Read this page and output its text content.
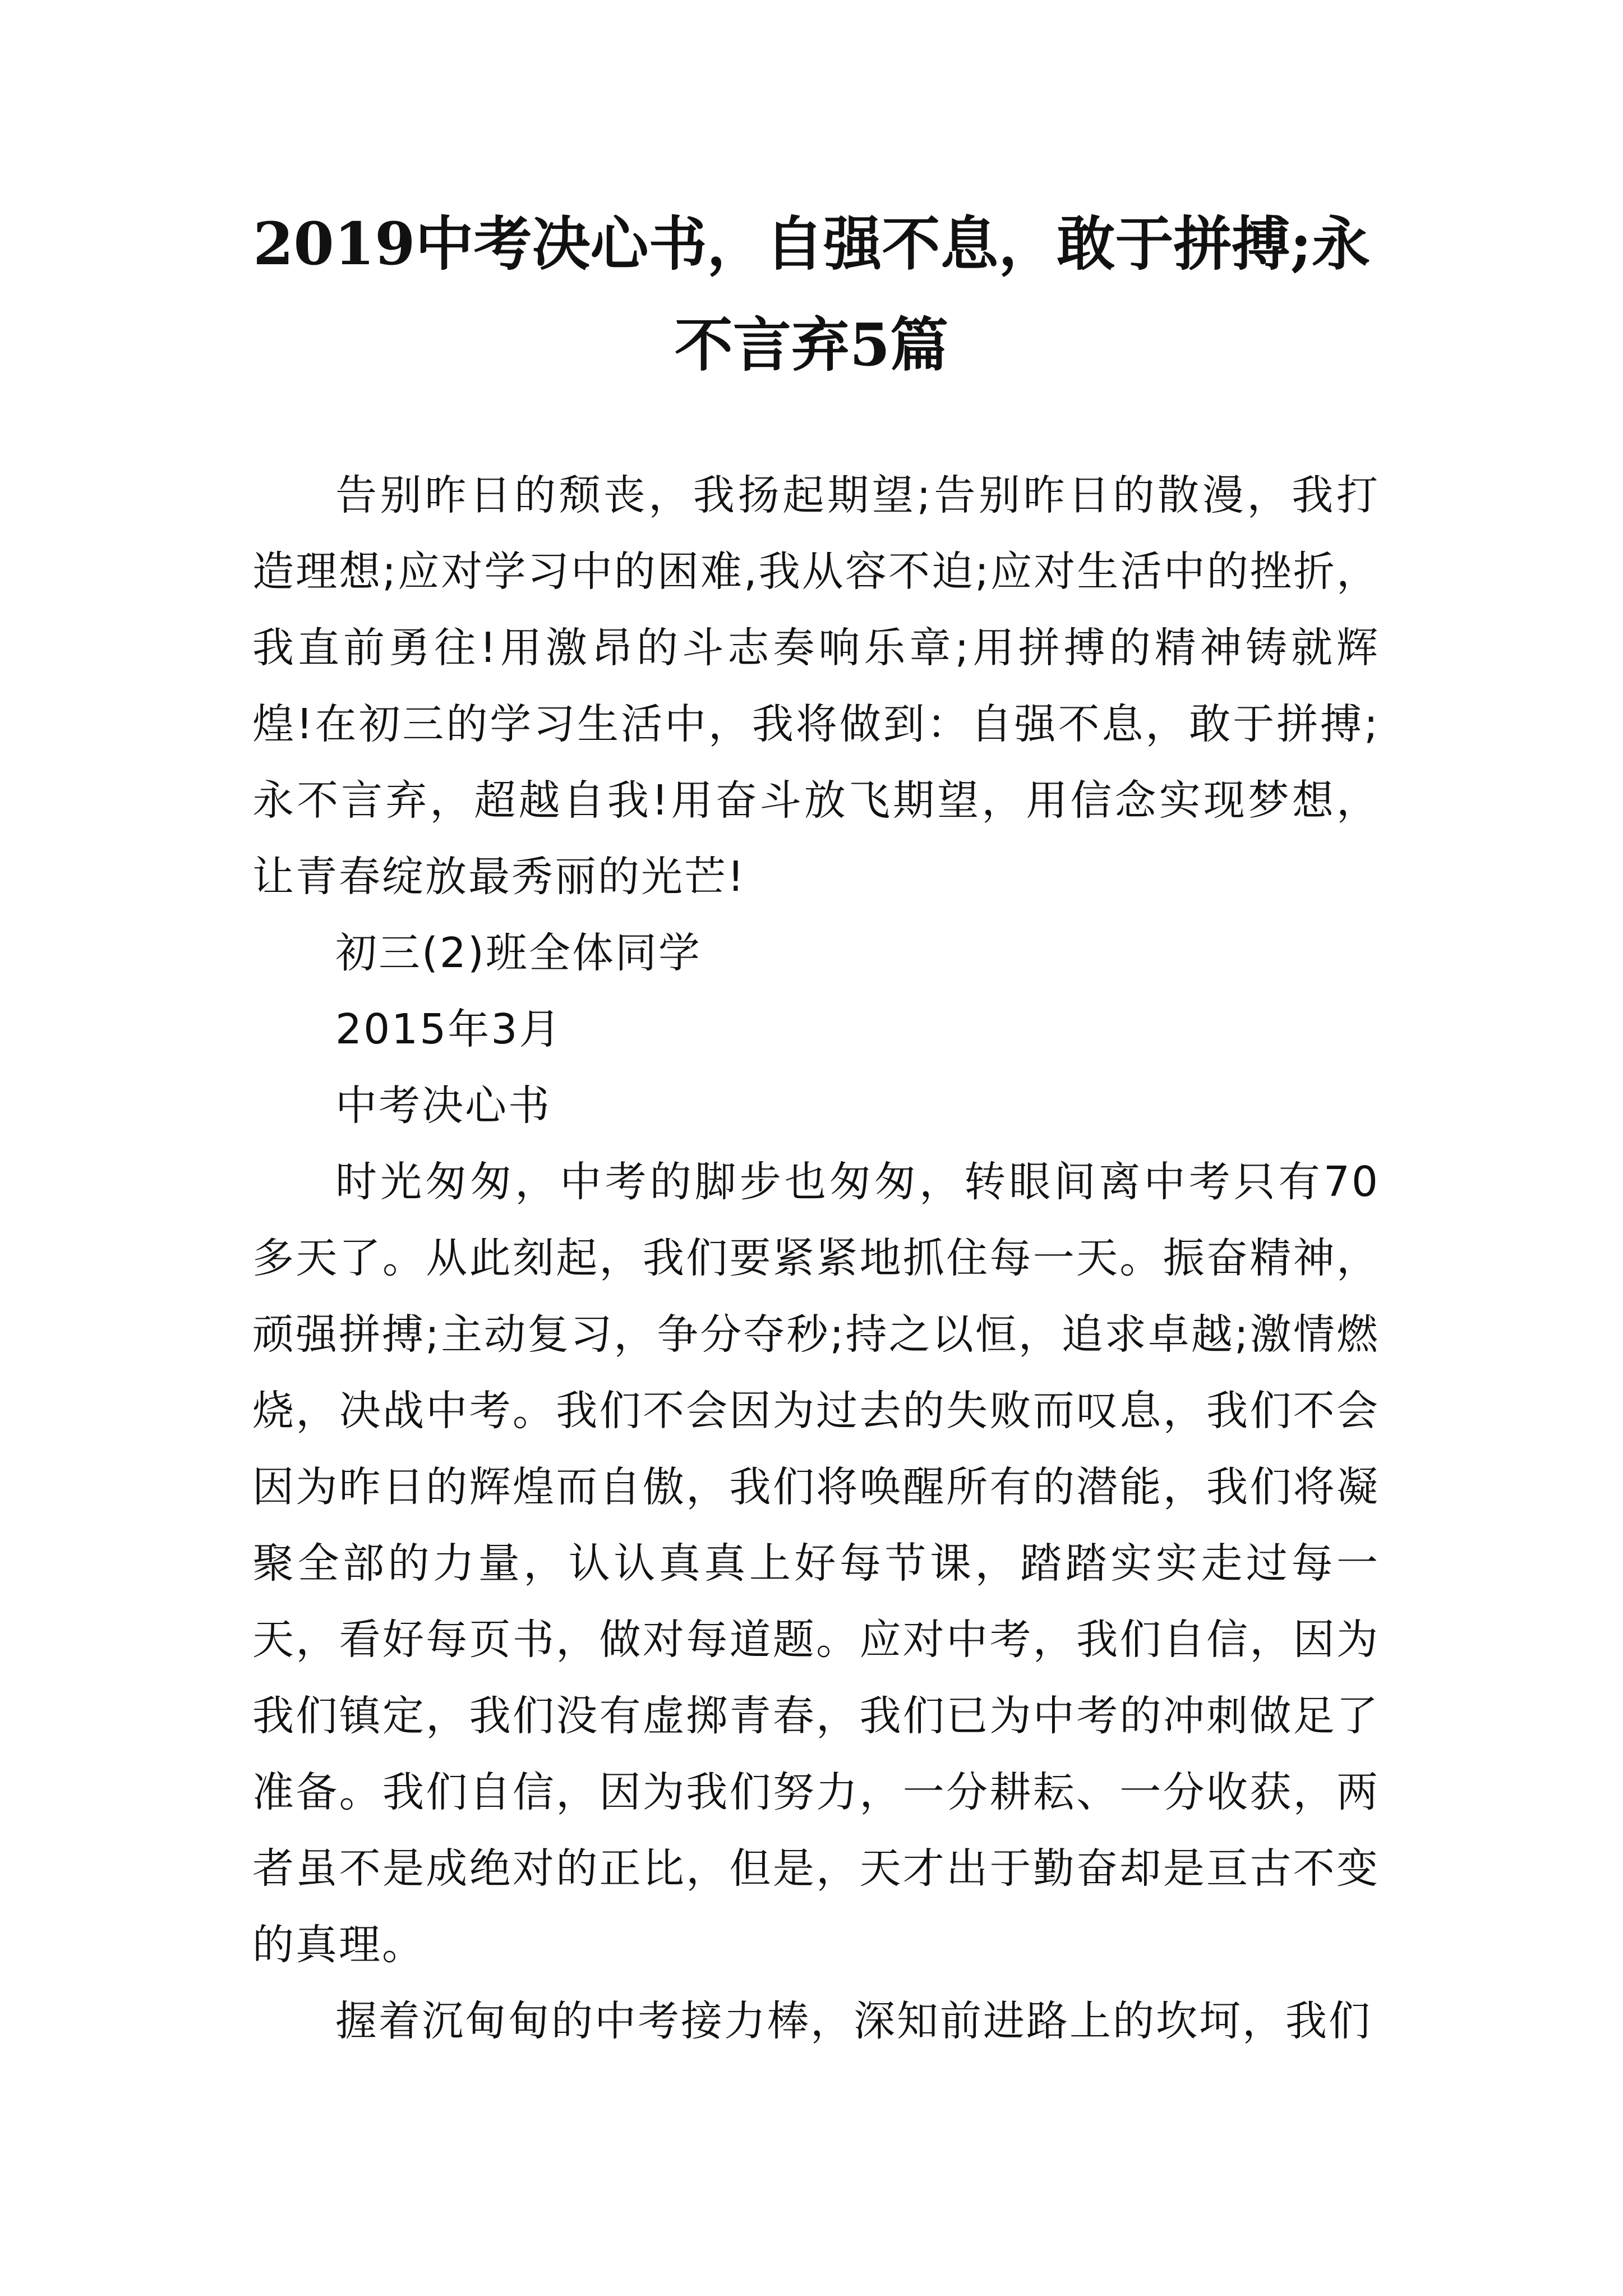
2019中考决心书，自强不息，敢于拼搏;永
不言弃5篇

告别昨日的颓丧，我扬起期望;告别昨日的散漫，我打造理想;应对学习中的困难,我从容不迫;应对生活中的挫折，我直前勇往!用激昂的斗志奏响乐章;用拼搏的精神铸就辉煌!在初三的学习生活中，我将做到：自强不息，敢于拼搏;永不言弃，超越自我!用奋斗放飞期望，用信念实现梦想，让青春绽放最秀丽的光芒!

初三(2)班全体同学

2015年3月

中考决心书

时光匆匆，中考的脚步也匆匆，转眼间离中考只有70多天了。从此刻起，我们要紧紧地抓住每一天。振奋精神，顽强拼搏;主动复习，争分夺秒;持之以恒，追求卓越;激情燃烧，决战中考。我们不会因为过去的失败而叹息，我们不会因为昨日的辉煌而自傲，我们将唤醒所有的潜能，我们将凝聚全部的力量，认认真真上好每节课，踏踏实实走过每一天，看好每页书，做对每道题。应对中考，我们自信，因为我们镇定，我们没有虚掷青春，我们已为中考的冲刺做足了准备。我们自信，因为我们努力，一分耕耘、一分收获，两者虽不是成绝对的正比，但是，天才出于勤奋却是亘古不变的真理。

握着沉甸甸的中考接力棒，深知前进路上的坎坷，我们
